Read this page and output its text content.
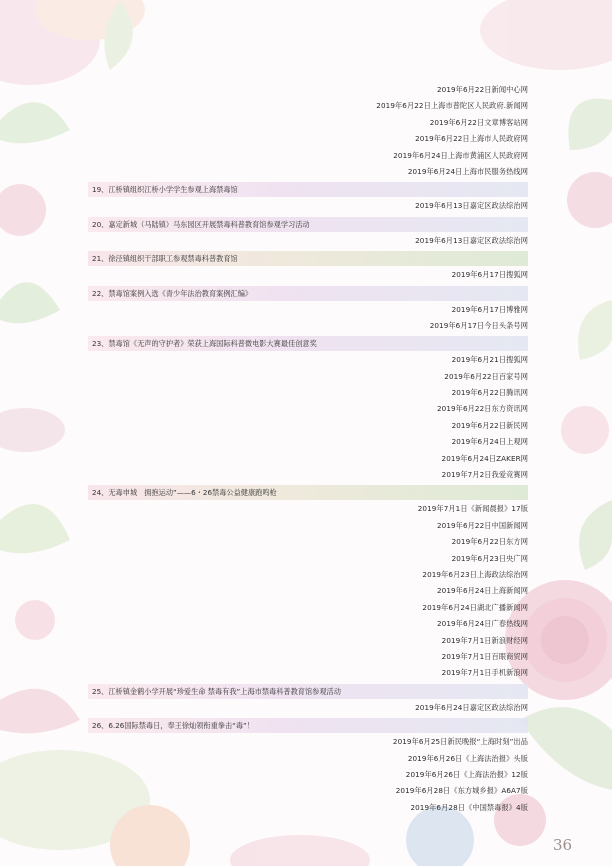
2019年6月22日新闻中心网
2019年6月22日上海市普陀区人民政府.新闻网
2019年6月22日文章博客站网
2019年6月22日上海市人民政府网
2019年6月24日上海市黄浦区人民政府网
2019年6月24日上海市民服务热线网
19、江桥镇组织江桥小学学生参观上海禁毒馆
2019年6月13日嘉定区政法综治网
20、嘉定新城（马陆镇）马东园区开展禁毒科普教育馆参观学习活动
2019年6月13日嘉定区政法综治网
21、徐泾镇组织干部职工参观禁毒科普教育馆
2019年6月17日搜狐网
22、禁毒馆案例入选《青少年法治教育案例汇编》
2019年6月17日博雅网
2019年6月17日今日头条号网
23、禁毒馆《无声的守护者》荣获上海国际科普微电影大赛最佳创意奖
2019年6月21日搜狐网
2019年6月22日百家号网
2019年6月22日腾讯网
2019年6月22日东方资讯网
2019年6月22日新民网
2019年6月24日上观网
2019年6月24日ZAKER网
2019年7月2日我爱竞赛网
24、无毒申城　拥抱运动”——6・26禁毒公益健康跑鸣枪
2019年7月1日《新闻晨报》17版
2019年6月22日中国新闻网
2019年6月22日东方网
2019年6月23日央广网
2019年6月23日上海政法综治网
2019年6月24日上海新闻网
2019年6月24日湖北广播新闻网
2019年6月24日广春热线网
2019年7月1日新浪财经网
2019年7月1日百眼商贸网
2019年7月1日手机新浪网
25、江桥镇金鹤小学开展“珍爱生命 禁毒有我”上海市禁毒科普教育馆参观活动
2019年6月24日嘉定区政法综治网
26、6.26国际禁毒日，奉王徐灿领衔重拳击“毒”！
2019年6月25日新民晚报“上海时刻”出品
2019年6月26日《上海法治报》头版
2019年6月26日《上海法治报》12版
2019年6月28日《东方城乡报》A6A7版
2019年6月28日《中国禁毒报》4版
36
